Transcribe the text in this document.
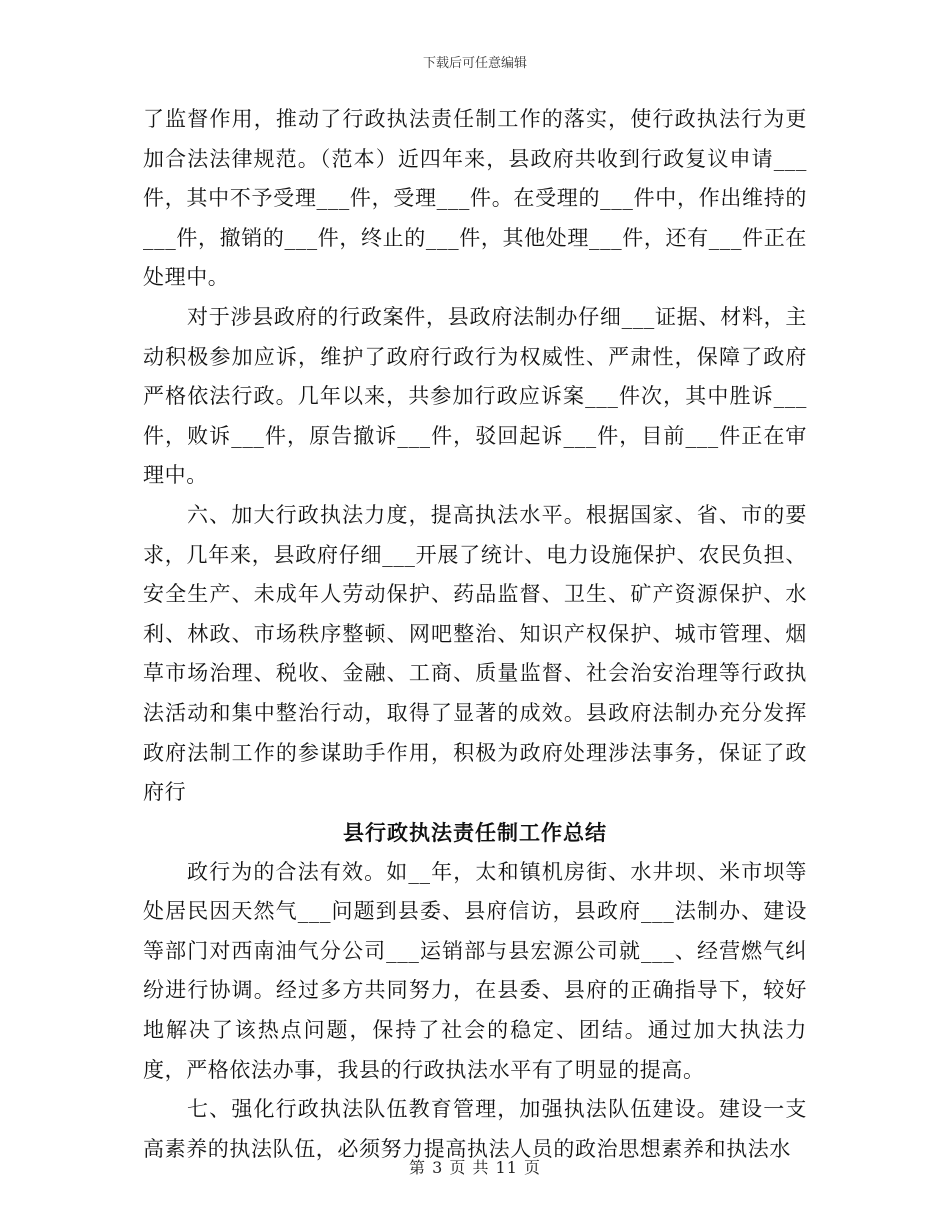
下载后可任意编辑

了监督作用，推动了行政执法责任制工作的落实，使行政执法行为更加合法法律规范。（范本）近四年来，县政府共收到行政复议申请___件，其中不予受理___件，受理___件。在受理的___件中，作出维持的___件，撤销的___件，终止的___件，其他处理___件，还有___件正在处理中。

对于涉县政府的行政案件，县政府法制办仔细___证据、材料，主动积极参加应诉，维护了政府行政行为权威性、严肃性，保障了政府严格依法行政。几年以来，共参加行政应诉案___件次，其中胜诉___件，败诉___件，原告撤诉___件，驳回起诉___件，目前___件正在审理中。

六、加大行政执法力度，提高执法水平。根据国家、省、市的要求，几年来，县政府仔细___开展了统计、电力设施保护、农民负担、安全生产、未成年人劳动保护、药品监督、卫生、矿产资源保护、水利、林政、市场秩序整顿、网吧整治、知识产权保护、城市管理、烟草市场治理、税收、金融、工商、质量监督、社会治安治理等行政执法活动和集中整治行动，取得了显著的成效。县政府法制办充分发挥政府法制工作的参谋助手作用，积极为政府处理涉法事务，保证了政府行

县行政执法责任制工作总结

政行为的合法有效。如__年，太和镇机房街、水井坝、米市坝等处居民因天然气___问题到县委、县府信访，县政府___法制办、建设等部门对西南油气分公司___运销部与县宏源公司就___、经营燃气纠纷进行协调。经过多方共同努力，在县委、县府的正确指导下，较好地解决了该热点问题，保持了社会的稳定、团结。通过加大执法力度，严格依法办事，我县的行政执法水平有了明显的提高。

七、强化行政执法队伍教育管理，加强执法队伍建设。建设一支高素养的执法队伍，必须努力提高执法人员的政治思想素养和执法水

第 3 页 共 11 页
